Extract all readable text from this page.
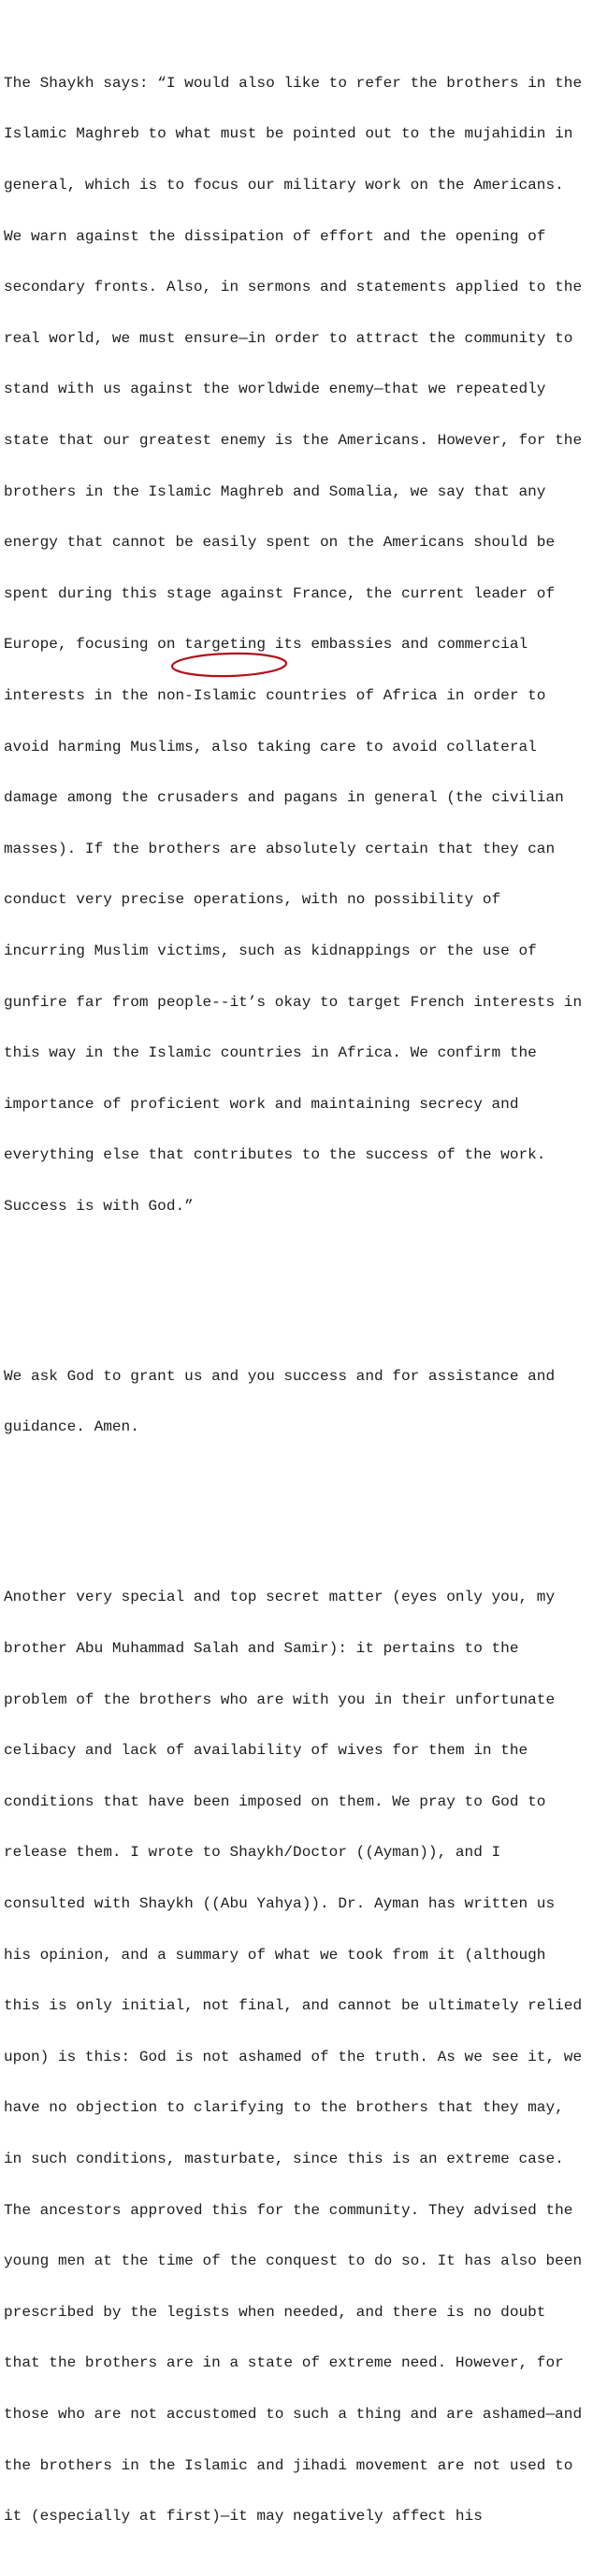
The Shaykh says: “I would also like to refer the brothers in the

Islamic Maghreb to what must be pointed out to the mujahidin in

general, which is to focus our military work on the Americans.

We warn against the dissipation of effort and the opening of

secondary fronts. Also, in sermons and statements applied to the

real world, we must ensure—in order to attract the community to

stand with us against the worldwide enemy—that we repeatedly

state that our greatest enemy is the Americans. However, for the

brothers in the Islamic Maghreb and Somalia, we say that any

energy that cannot be easily spent on the Americans should be

spent during this stage against France, the current leader of

Europe, focusing on targeting its embassies and commercial

interests in the non-Islamic countries of Africa in order to

avoid harming Muslims, also taking care to avoid collateral

damage among the crusaders and pagans in general (the civilian

masses). If the brothers are absolutely certain that they can

conduct very precise operations, with no possibility of

incurring Muslim victims, such as kidnappings or the use of

gunfire far from people--it’s okay to target French interests in

this way in the Islamic countries in Africa. We confirm the

importance of proficient work and maintaining secrecy and

everything else that contributes to the success of the work.

Success is with God.”

We ask God to grant us and you success and for assistance and

guidance. Amen.

Another very special and top secret matter (eyes only you, my

brother Abu Muhammad Salah and Samir): it pertains to the

problem of the brothers who are with you in their unfortunate

celibacy and lack of availability of wives for them in the

conditions that have been imposed on them. We pray to God to

release them. I wrote to Shaykh/Doctor ((Ayman)), and I

consulted with Shaykh ((Abu Yahya)). Dr. Ayman has written us

his opinion, and a summary of what we took from it (although

this is only initial, not final, and cannot be ultimately relied

upon) is this: God is not ashamed of the truth. As we see it, we

have no objection to clarifying to the brothers that they may,

in such conditions, masturbate, since this is an extreme case.

The ancestors approved this for the community. They advised the

young men at the time of the conquest to do so. It has also been

prescribed by the legists when needed, and there is no doubt

that the brothers are in a state of extreme need. However, for

those who are not accustomed to such a thing and are ashamed—and

the brothers in the Islamic and jihadi movement are not used to

it (especially at first)—it may negatively affect his
